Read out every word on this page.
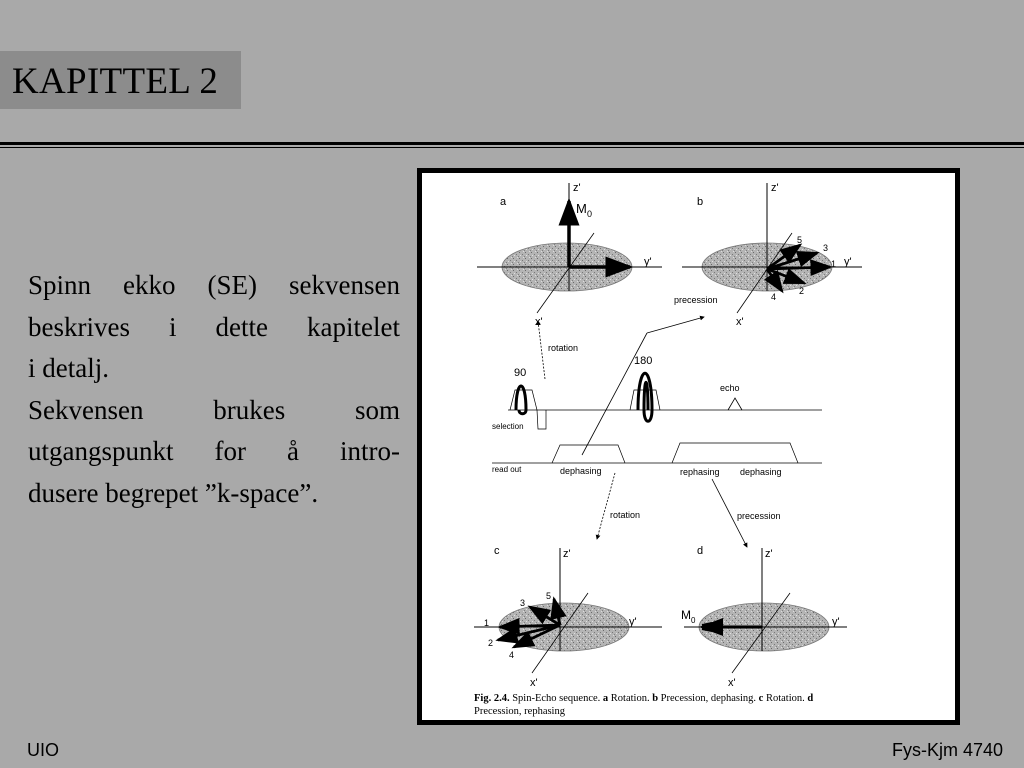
KAPITTEL 2

Spinn ekko (SE) sekvensen

beskrives i dette kapitelet

i detalj.

Sekvensen brukes som

utgangspunkt for å intro-

dusere begrepet ”k-space”.

a
z'
M 0
y'
x'
b
z'
5
3
1 y'
2
4
x'
precession
rotation
90
180
echo
selection
read out	dephasing	rephasing dephasing
rotation	precession
c	z'
3
5
1
2
4
y'
x'
d	z'
M 0	y'
x'
Fig. 2.4. Spin-Echo sequence. a Rotation. b Precession, dephasing. c Rotation. d
Precession, rephasing
UIO	Fys-Kjm 4740
